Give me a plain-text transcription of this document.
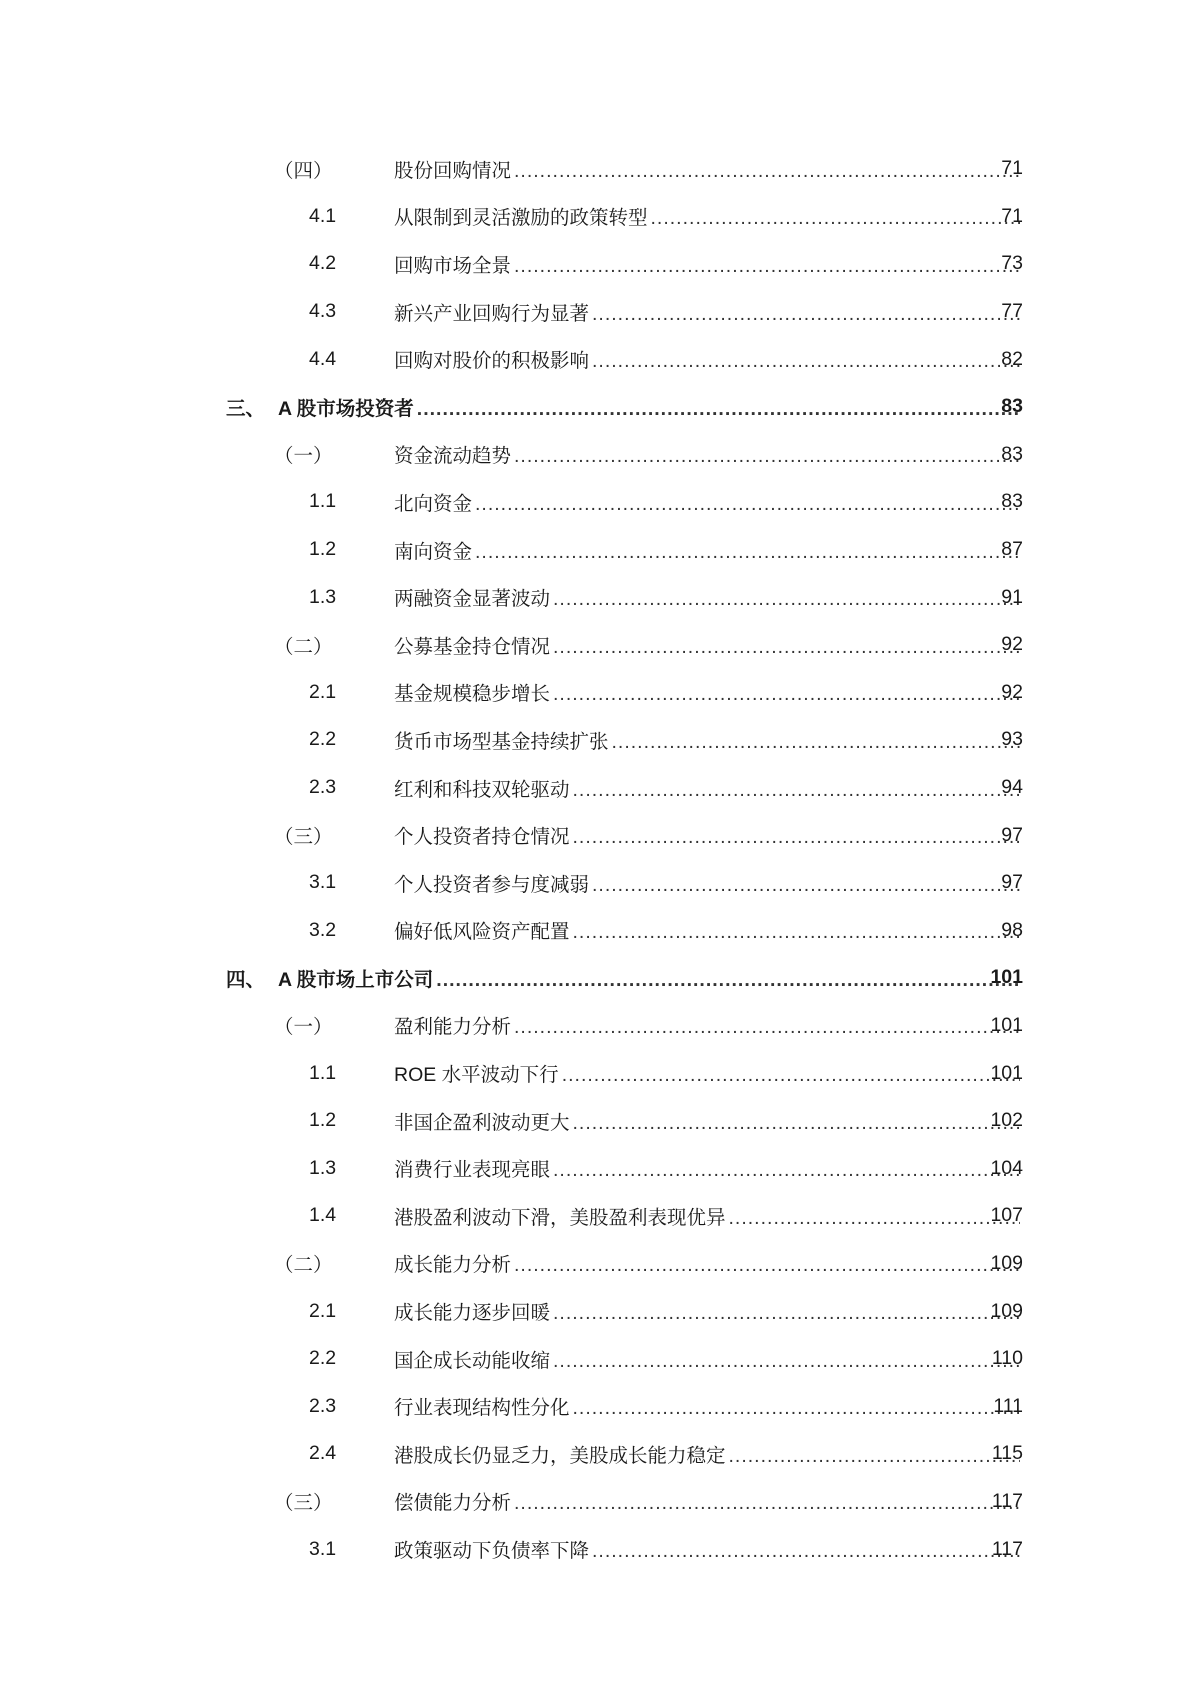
（四）	股份回购情况 .....	71
4.1	从限制到灵活激励的政策转型 .....	71
4.2	回购市场全景 .....	73
4.3	新兴产业回购行为显著 .....	77
4.4	回购对股价的积极影响 .....	82
三、 A 股市场投资者 .....	83
（一）	资金流动趋势 .....	83
1.1	北向资金 .....	83
1.2	南向资金 .....	87
1.3	两融资金显著波动 .....	91
（二）	公募基金持仓情况 .....	92
2.1	基金规模稳步增长 .....	92
2.2	货币市场型基金持续扩张 .....	93
2.3	红利和科技双轮驱动 .....	94
（三）	个人投资者持仓情况 .....	97
3.1	个人投资者参与度减弱 .....	97
3.2	偏好低风险资产配置 .....	98
四、 A 股市场上市公司 .....	101
（一）	盈利能力分析 .....	101
1.1	ROE 水平波动下行 .....	101
1.2	非国企盈利波动更大 .....	102
1.3	消费行业表现亮眼 .....	104
1.4	港股盈利波动下滑，美股盈利表现优异 .....	107
（二）	成长能力分析 .....	109
2.1	成长能力逐步回暖 .....	109
2.2	国企成长动能收缩 .....	110
2.3	行业表现结构性分化 .....	111
2.4	港股成长仍显乏力，美股成长能力稳定 .....	115
（三）	偿债能力分析 .....	117
3.1	政策驱动下负债率下降 .....	117
